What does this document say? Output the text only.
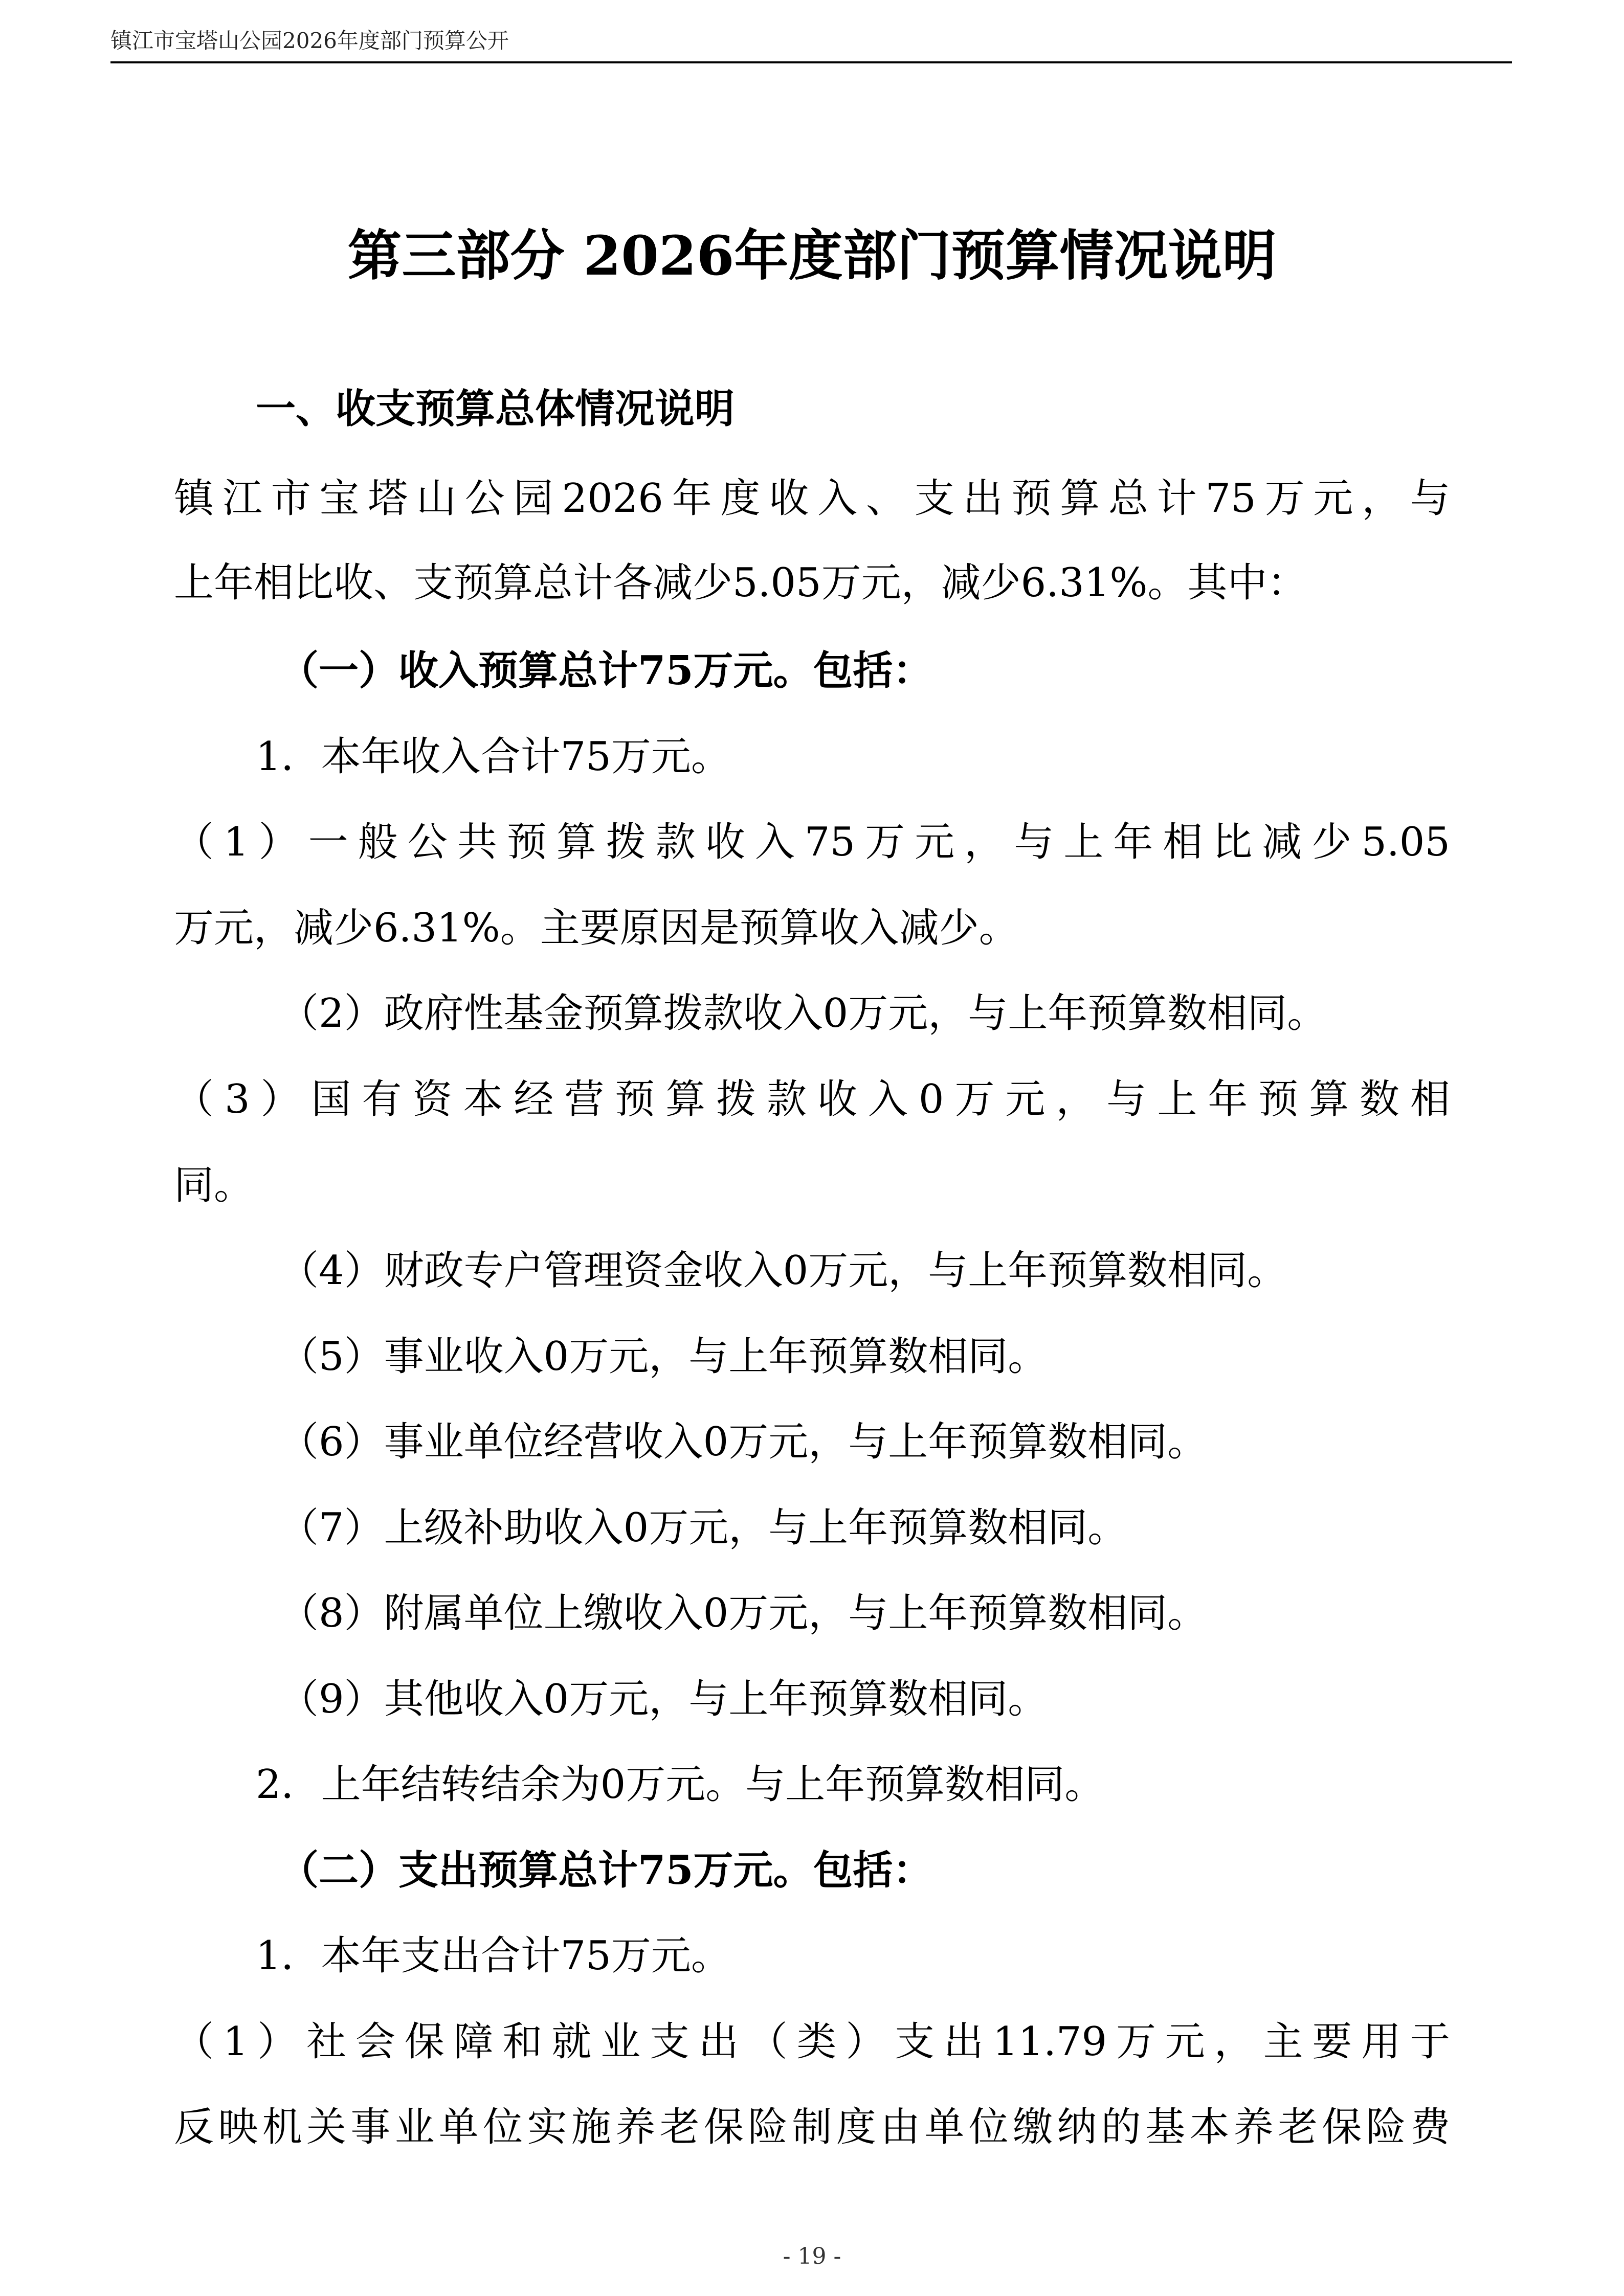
镇江市宝塔山公园2026年度部门预算公开
第三部分 2026年度部门预算情况说明
一、收支预算总体情况说明
镇江市宝塔山公园2026年度收入、支出预算总计75万元，与
上年相比收、支预算总计各减少5.05万元，减少6.31%。其中：
（一）收入预算总计75万元。包括：
1．本年收入合计75万元。
（1）一般公共预算拨款收入75万元，与上年相比减少5.05
万元，减少6.31%。主要原因是预算收入减少。
（2）政府性基金预算拨款收入0万元，与上年预算数相同。
（3）国有资本经营预算拨款收入0万元，与上年预算数相
同。
（4）财政专户管理资金收入0万元，与上年预算数相同。
（5）事业收入0万元，与上年预算数相同。
（6）事业单位经营收入0万元，与上年预算数相同。
（7）上级补助收入0万元，与上年预算数相同。
（8）附属单位上缴收入0万元，与上年预算数相同。
（9）其他收入0万元，与上年预算数相同。
2．上年结转结余为0万元。与上年预算数相同。
（二）支出预算总计75万元。包括：
1．本年支出合计75万元。
（1）社会保障和就业支出（类）支出11.79万元，主要用于
反映机关事业单位实施养老保险制度由单位缴纳的基本养老保险费
- 19 -
